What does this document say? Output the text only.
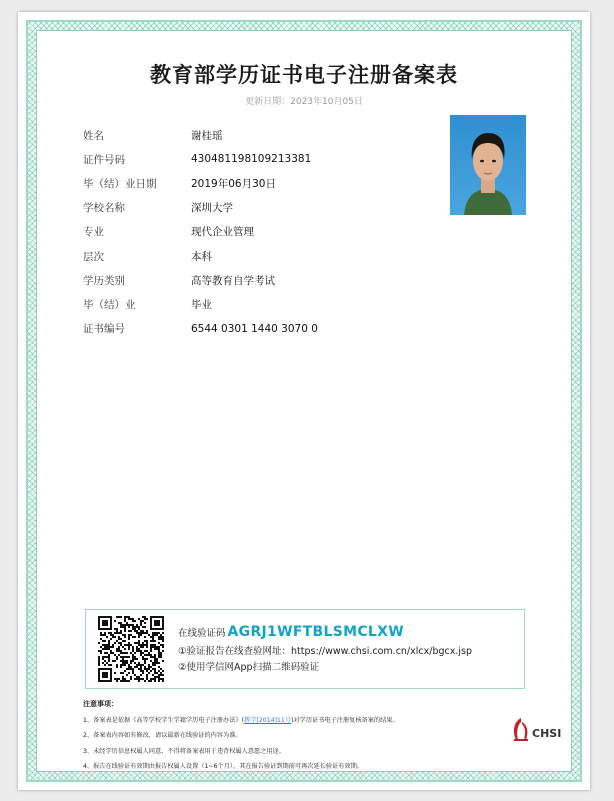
教育部学历证书电子注册备案表
更新日期：2023年10月05日
姓名	谢桂瑶
证件号码	430481198109213381
毕（结）业日期	2019年06月30日
学校名称	深圳大学
专业	现代企业管理
层次	本科
学历类别	高等教育自学考试
毕（结）业	毕业
证书编号	6544 0301 1440 3070 0
在线验证码 AGRJ1WFTBLSMCLXW
①验证报告在线查验网址：https://www.chsi.com.cn/xlcx/bgcx.jsp
②使用学信网App扫描二维码验证
注意事项：
1、备案表是依据《高等学校学生学籍学历电子注册办法》(教学[2014]11号)对学历证书电子注册复核备案的结果。
2、备案表内容如有修改，请以最新在线验证的内容为准。
3、未经学历信息权属人同意，不得将备案表用于违背权属人意愿之用途。
4、报告在线验证有效期由报告权属人设置（1~6个月），其在报告验证到期前可再次延长验证有效期。
CHSI
